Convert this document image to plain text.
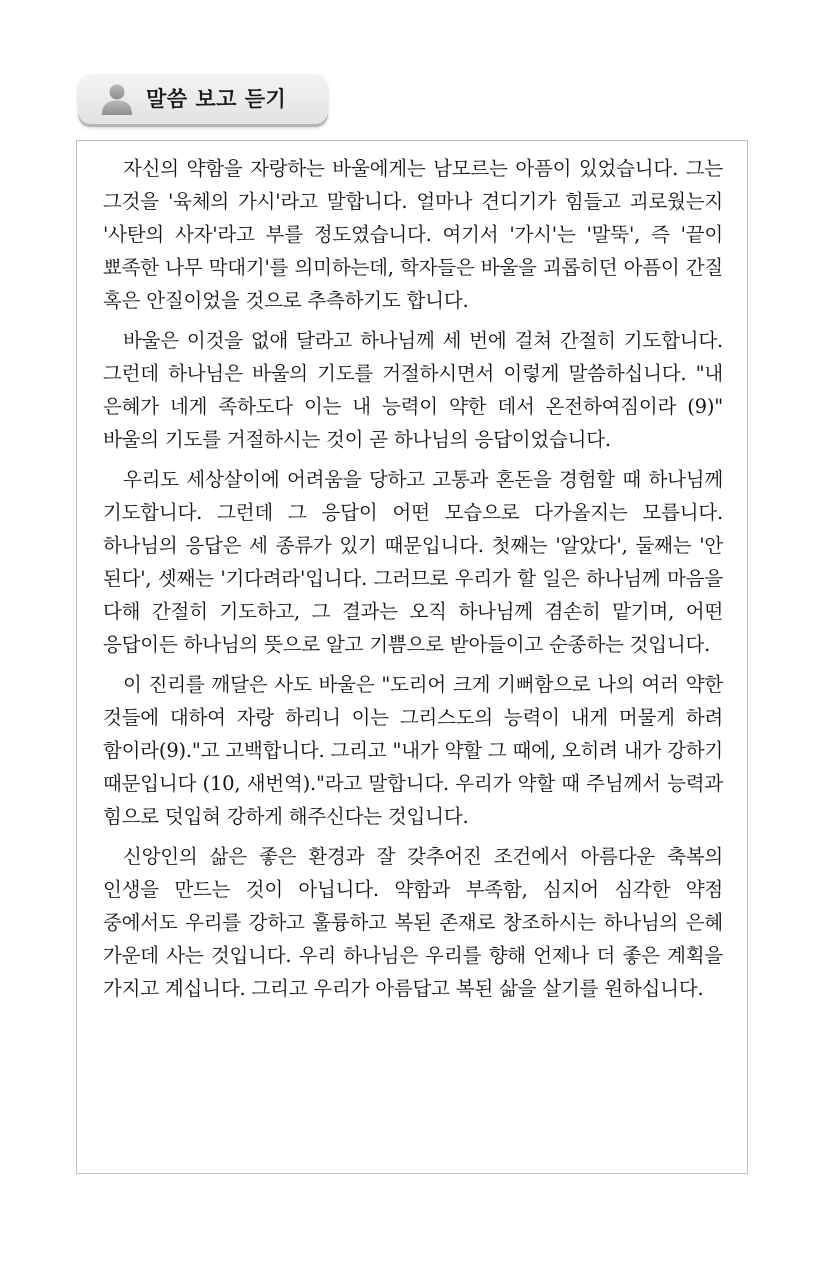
말씀 보고 듣기

자신의 약함을 자랑하는 바울에게는 남모르는 아픔이 있었습니다. 그는 그것을 '육체의 가시'라고 말합니다. 얼마나 견디기가 힘들고 괴로웠는지 '사탄의 사자'라고 부를 정도였습니다. 여기서 '가시'는 '말뚝', 즉 '끝이 뾰족한 나무 막대기'를 의미하는데, 학자들은 바울을 괴롭히던 아픔이 간질 혹은 안질이었을 것으로 추측하기도 합니다.

바울은 이것을 없애 달라고 하나님께 세 번에 걸쳐 간절히 기도합니다. 그런데 하나님은 바울의 기도를 거절하시면서 이렇게 말씀하십니다. "내 은혜가 네게 족하도다 이는 내 능력이 약한 데서 온전하여짐이라 (9)" 바울의 기도를 거절하시는 것이 곧 하나님의 응답이었습니다.

우리도 세상살이에 어려움을 당하고 고통과 혼돈을 경험할 때 하나님께 기도합니다. 그런데 그 응답이 어떤 모습으로 다가올지는 모릅니다. 하나님의 응답은 세 종류가 있기 때문입니다. 첫째는 '알았다', 둘째는 '안 된다', 셋째는 '기다려라'입니다. 그러므로 우리가 할 일은 하나님께 마음을 다해 간절히 기도하고, 그 결과는 오직 하나님께 겸손히 맡기며, 어떤 응답이든 하나님의 뜻으로 알고 기쁨으로 받아들이고 순종하는 것입니다.

이 진리를 깨달은 사도 바울은 "도리어 크게 기뻐함으로 나의 여러 약한 것들에 대하여 자랑 하리니 이는 그리스도의 능력이 내게 머물게 하려 함이라(9)."고 고백합니다. 그리고 "내가 약할 그 때에, 오히려 내가 강하기 때문입니다 (10, 새번역)."라고 말합니다. 우리가 약할 때 주님께서 능력과 힘으로 덧입혀 강하게 해주신다는 것입니다.

신앙인의 삶은 좋은 환경과 잘 갖추어진 조건에서 아름다운 축복의 인생을 만드는 것이 아닙니다. 약함과 부족함, 심지어 심각한 약점 중에서도 우리를 강하고 훌륭하고 복된 존재로 창조하시는 하나님의 은혜 가운데 사는 것입니다. 우리 하나님은 우리를 향해 언제나 더 좋은 계획을 가지고 계십니다. 그리고 우리가 아름답고 복된 삶을 살기를 원하십니다.
